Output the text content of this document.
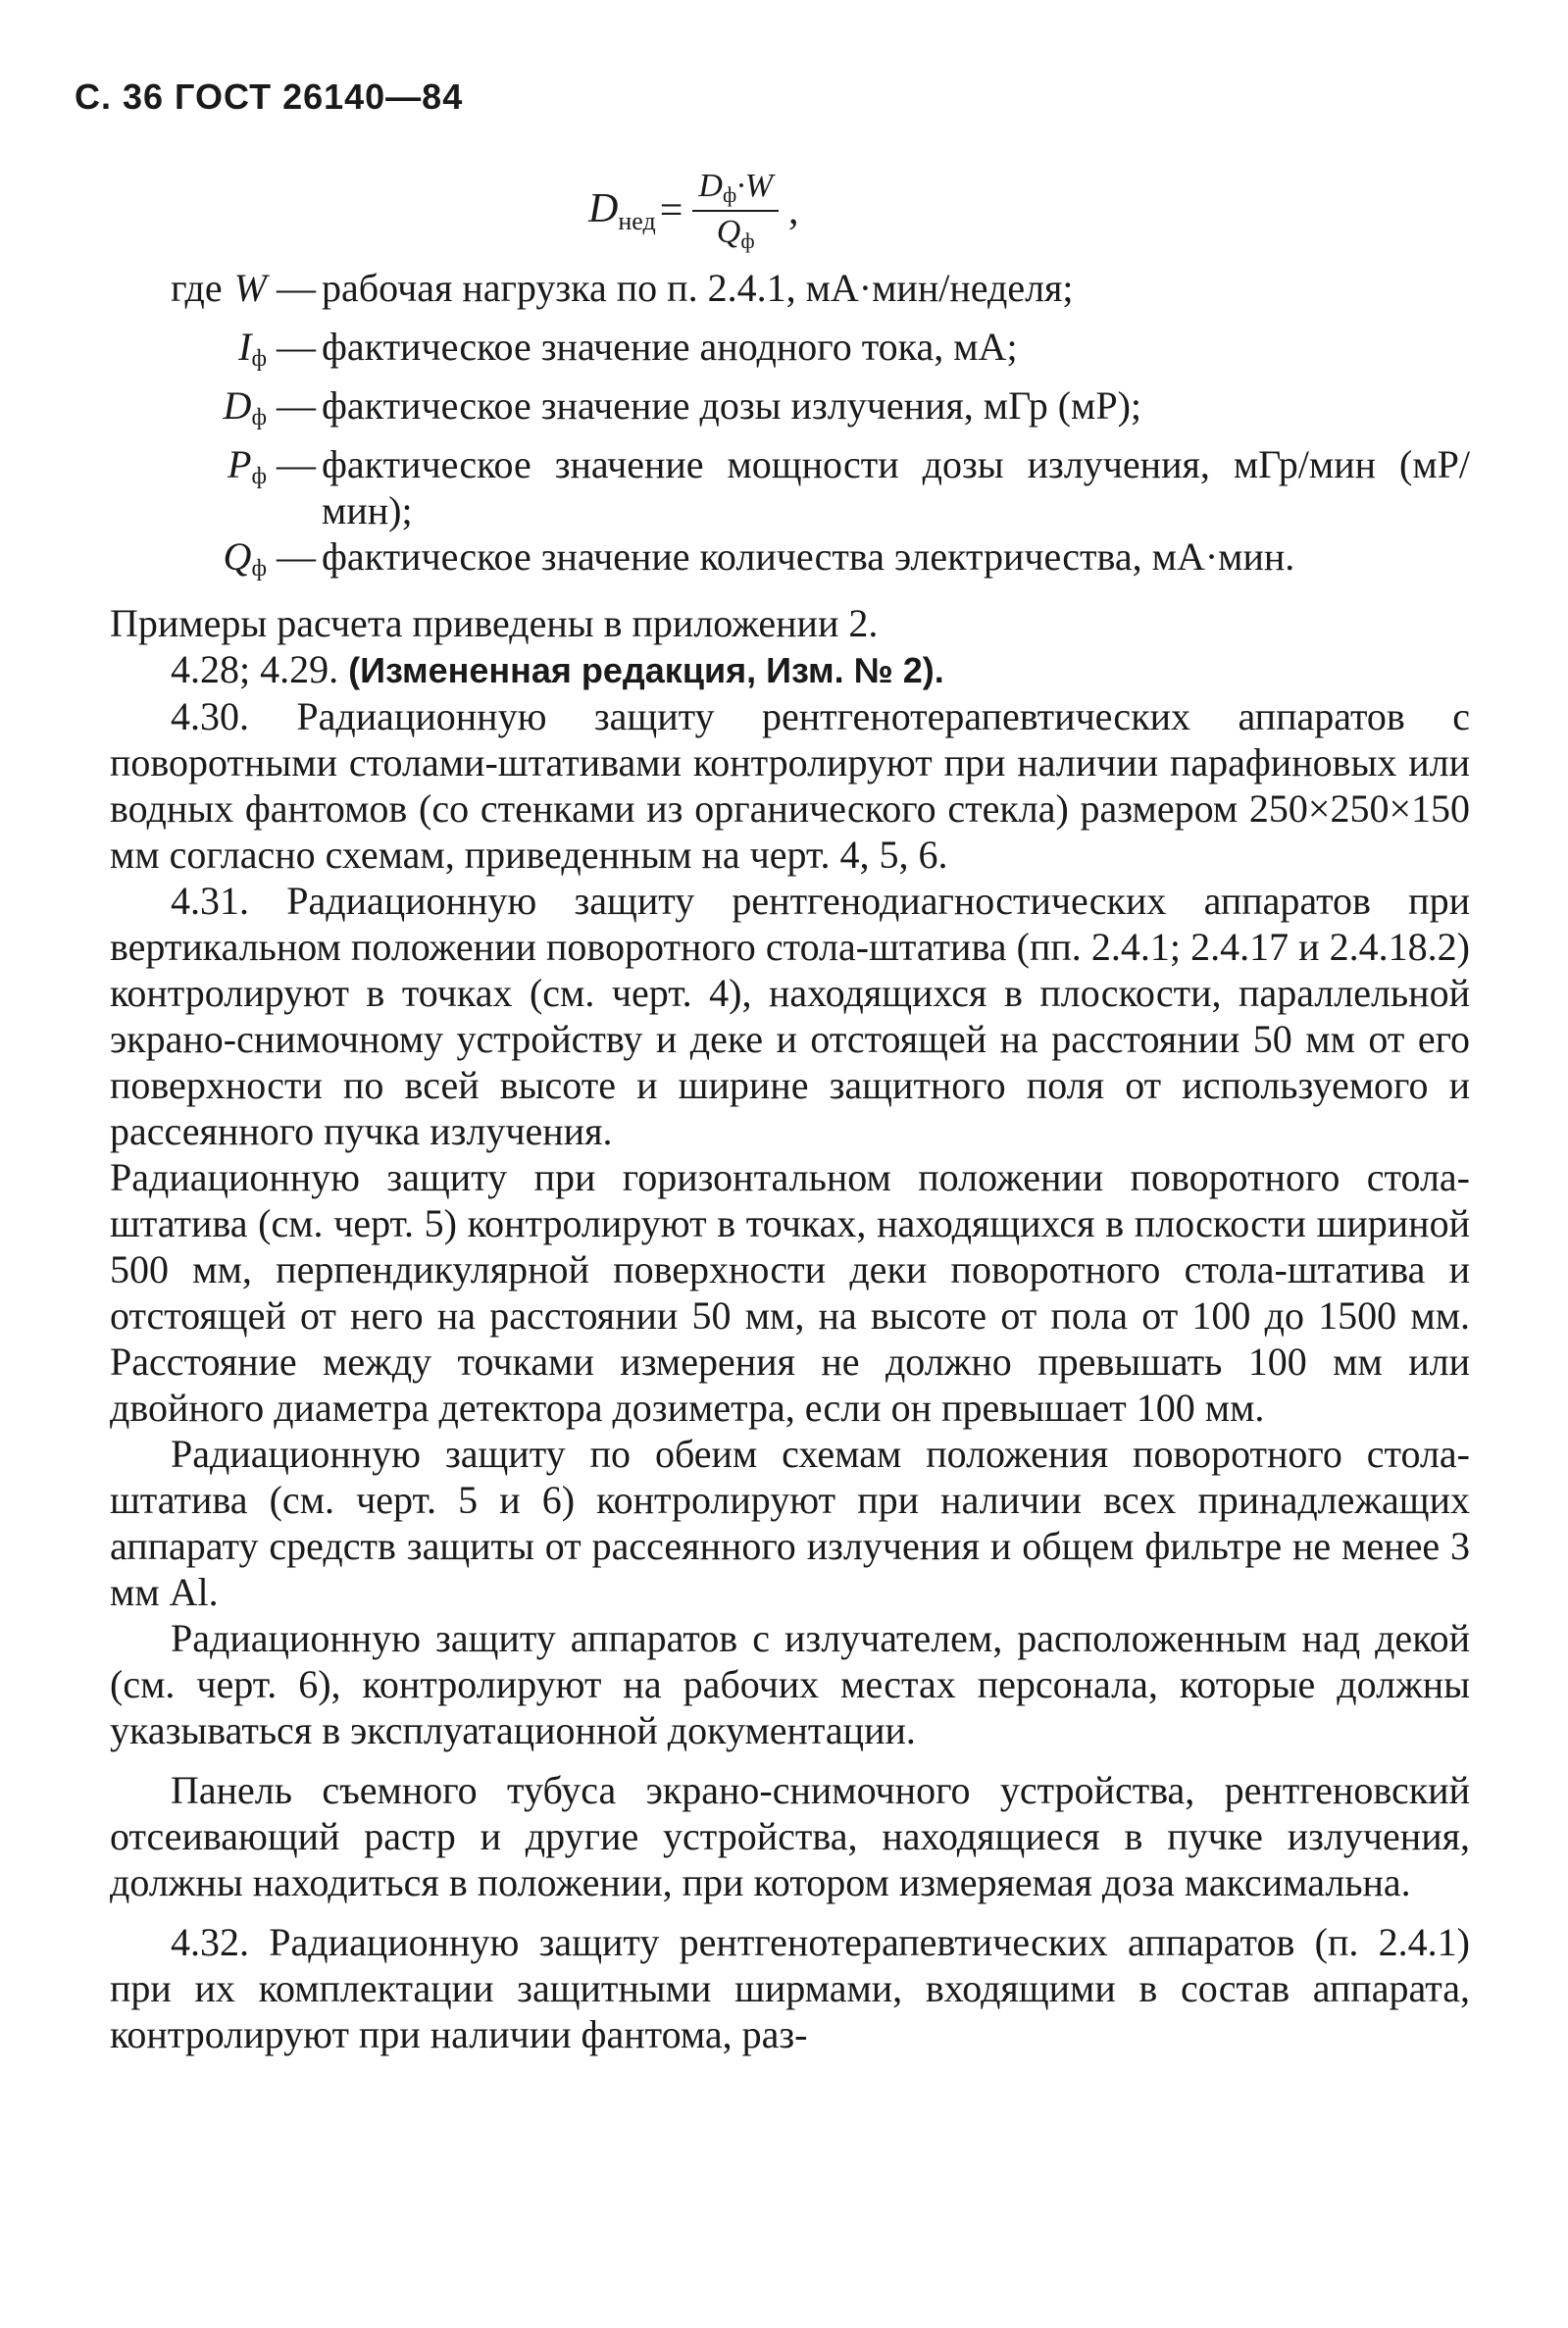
С. 36 ГОСТ 26140—84
$D_{нед} = \frac{D_ф\cdot W}{Q_ф}$ ,
где W — рабочая нагрузка по п. 2.4.1, мА·мин/неделя;
$I_ф$ — фактическое значение анодного тока, мА;
$D_ф$ — фактическое значение дозы излучения, мГр (мР);
$P_ф$ — фактическое значение мощности дозы излучения, мГр/мин (мР/мин);
$Q_ф$ — фактическое значение количества электричества, мА·мин.

Примеры расчета приведены в приложении 2.

4.28; 4.29. (Измененная редакция, Изм. № 2).

4.30. Радиационную защиту рентгенотерапевтических аппаратов с поворотными столами-штативами контролируют при наличии парафиновых или водных фантомов (со стенками из органического стекла) размером 250×250×150 мм согласно схемам, приведенным на черт. 4, 5, 6.

4.31. Радиационную защиту рентгенодиагностических аппаратов при вертикальном положении поворотного стола-штатива (пп. 2.4.1; 2.4.17 и 2.4.18.2) контролируют в точках (см. черт. 4), находящихся в плоскости, параллельной экрано-снимочному устройству и деке и отстоящей на расстоянии 50 мм от его поверхности по всей высоте и ширине защитного поля от используемого и рассеянного пучка излучения.

Радиационную защиту при горизонтальном положении поворотного стола-штатива (см. черт. 5) контролируют в точках, находящихся в плоскости шириной 500 мм, перпендикулярной поверхности деки поворотного стола-штатива и отстоящей от него на расстоянии 50 мм, на высоте от пола от 100 до 1500 мм. Расстояние между точками измерения не должно превышать 100 мм или двойного диаметра детектора дозиметра, если он превышает 100 мм.

Радиационную защиту по обеим схемам положения поворотного стола-штатива (см. черт. 5 и 6) контролируют при наличии всех принадлежащих аппарату средств защиты от рассеянного излучения и общем фильтре не менее 3 мм Al.

Радиационную защиту аппаратов с излучателем, расположенным над декой (см. черт. 6), контролируют на рабочих местах персонала, которые должны указываться в эксплуатационной документации.

Панель съемного тубуса экрано-снимочного устройства, рентгеновский отсеивающий растр и другие устройства, находящиеся в пучке излучения, должны находиться в положении, при котором измеряемая доза максимальна.

4.32. Радиационную защиту рентгенотерапевтических аппаратов (п. 2.4.1) при их комплектации защитными ширмами, входящими в состав аппарата, контролируют при наличии фантома, раз-
